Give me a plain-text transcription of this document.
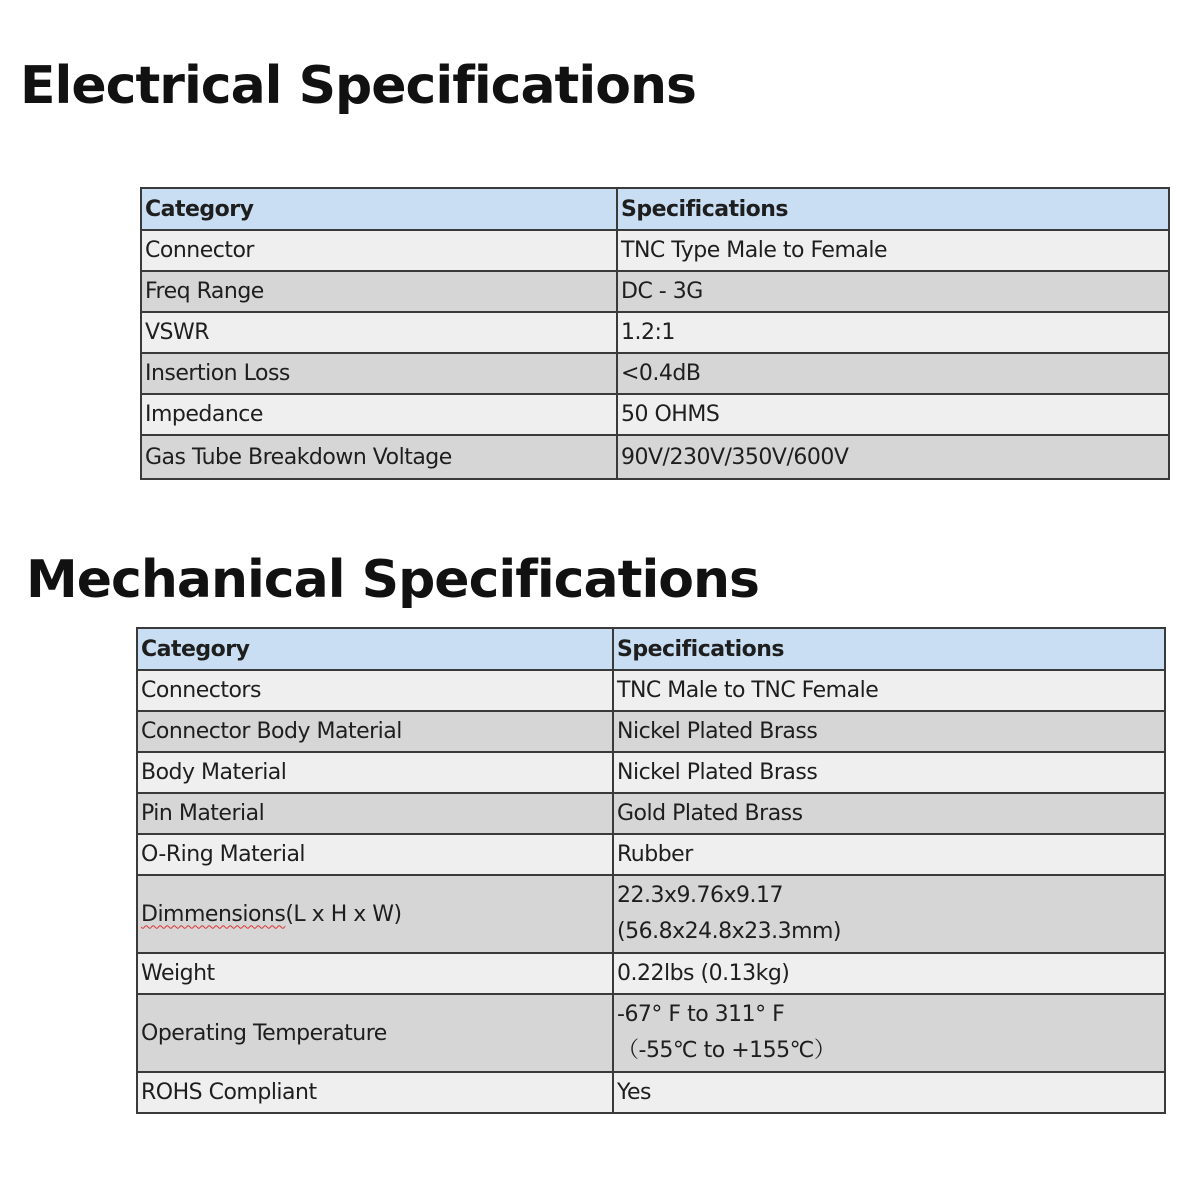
Electrical Specifications
Category	Specifications
Connector	TNC Type Male to Female
Freq Range	DC - 3G
VSWR	1.2:1
Insertion Loss	<0.4dB
Impedance	50 OHMS
Gas Tube Breakdown Voltage	90V/230V/350V/600V
Mechanical Specifications
Category	Specifications
Connectors	TNC Male to TNC Female
Connector Body Material	Nickel Plated Brass
Body Material	Nickel Plated Brass
Pin Material	Gold Plated Brass
O-Ring Material	Rubber
Dimmensions(L x H x W)	22.3x9.76x9.17
(56.8x24.8x23.3mm)

Weight	0.22lbs (0.13kg)
Operating Temperature	-67° F to 311° F
（-55℃ to +155℃）

ROHS Compliant	Yes
